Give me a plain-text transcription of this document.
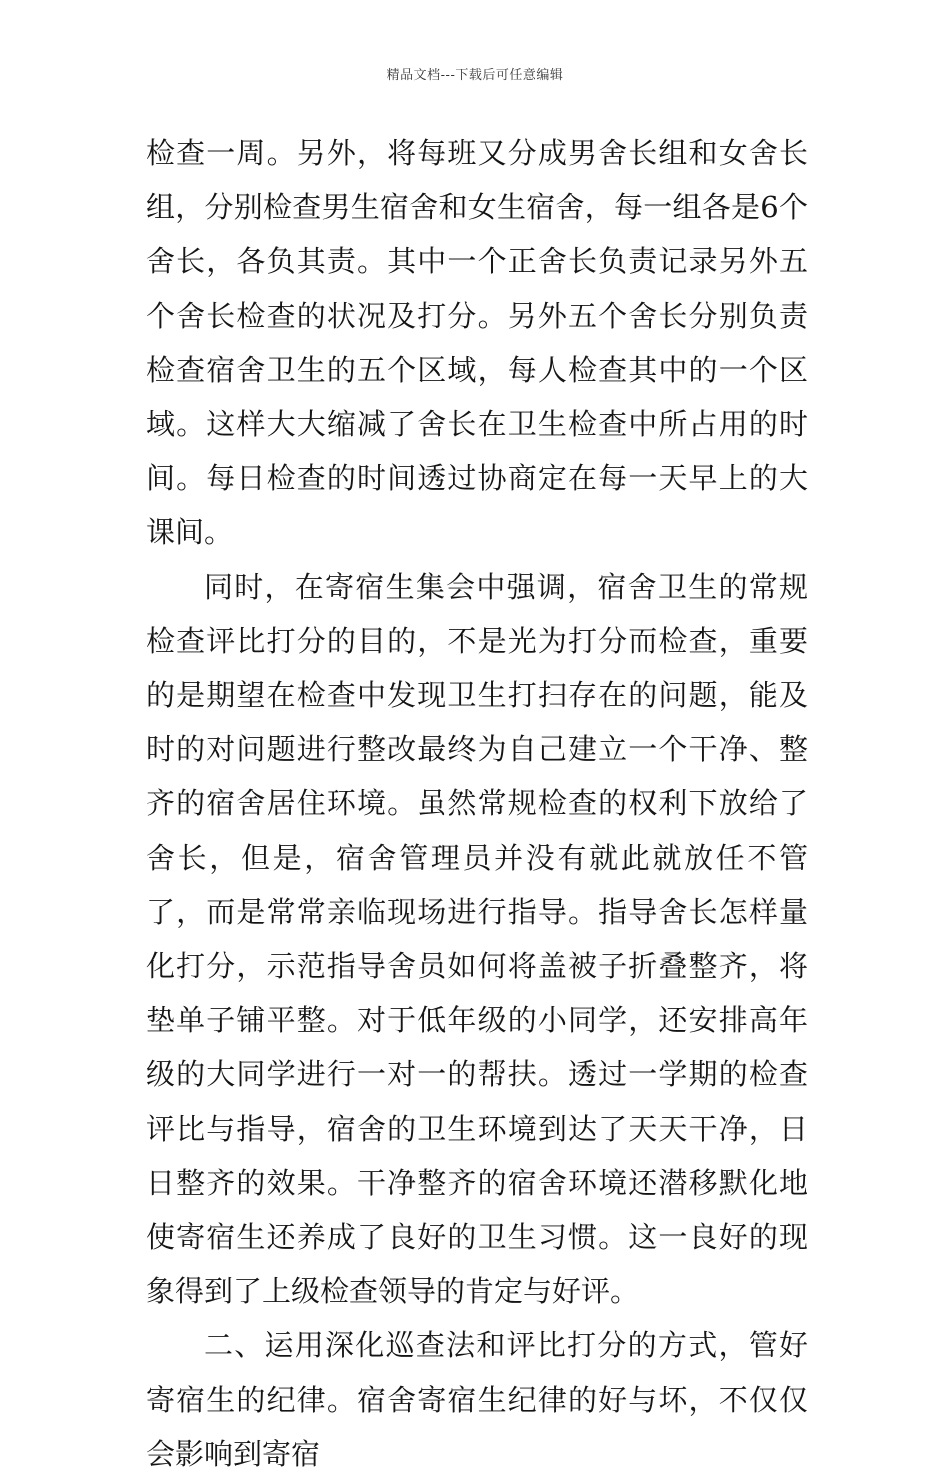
精品文档---下载后可任意编辑

检查一周。另外，将每班又分成男舍长组和女舍长组，分别检查男生宿舍和女生宿舍，每一组各是6个舍长，各负其责。其中一个正舍长负责记录另外五个舍长检查的状况及打分。另外五个舍长分别负责检查宿舍卫生的五个区域，每人检查其中的一个区域。这样大大缩减了舍长在卫生检查中所占用的时间。每日检查的时间透过协商定在每一天早上的大课间。

同时，在寄宿生集会中强调，宿舍卫生的常规检查评比打分的目的，不是光为打分而检查，重要的是期望在检查中发现卫生打扫存在的问题，能及时的对问题进行整改最终为自己建立一个干净、整齐的宿舍居住环境。虽然常规检查的权利下放给了舍长，但是，宿舍管理员并没有就此就放任不管了，而是常常亲临现场进行指导。指导舍长怎样量化打分，示范指导舍员如何将盖被子折叠整齐，将垫单子铺平整。对于低年级的小同学，还安排高年级的大同学进行一对一的帮扶。透过一学期的检查评比与指导，宿舍的卫生环境到达了天天干净，日日整齐的效果。干净整齐的宿舍环境还潜移默化地使寄宿生还养成了良好的卫生习惯。这一良好的现象得到了上级检查领导的肯定与好评。

二、运用深化巡查法和评比打分的方式，管好寄宿生的纪律。宿舍寄宿生纪律的好与坏，不仅仅会影响到寄宿
